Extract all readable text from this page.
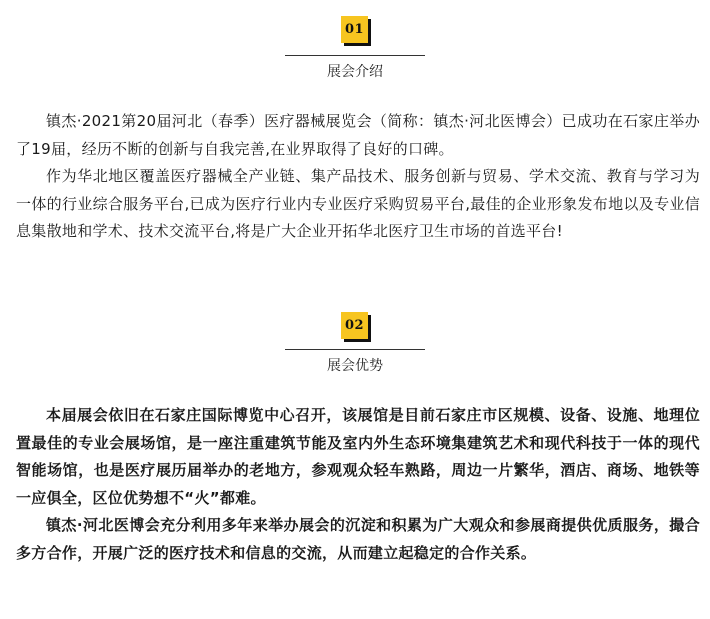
01
展会介绍

镇杰·2021第20届河北（春季）医疗器械展览会（简称：镇杰·河北医博会）已成功在石家庄举办了19届，经历不断的创新与自我完善,在业界取得了良好的口碑。

作为华北地区覆盖医疗器械全产业链、集产品技术、服务创新与贸易、学术交流、教育与学习为一体的行业综合服务平台,已成为医疗行业内专业医疗采购贸易平台,最佳的企业形象发布地以及专业信息集散地和学术、技术交流平台,将是广大企业开拓华北医疗卫生市场的首选平台!

02
展会优势

本届展会依旧在石家庄国际博览中心召开，该展馆是目前石家庄市区规模、设备、设施、地理位置最佳的专业会展场馆，是一座注重建筑节能及室内外生态环境集建筑艺术和现代科技于一体的现代智能场馆，也是医疗展历届举办的老地方，参观观众轻车熟路，周边一片繁华，酒店、商场、地铁等一应俱全，区位优势想不“火”都难。

镇杰·河北医博会充分利用多年来举办展会的沉淀和积累为广大观众和参展商提供优质服务，撮合多方合作，开展广泛的医疗技术和信息的交流，从而建立起稳定的合作关系。
